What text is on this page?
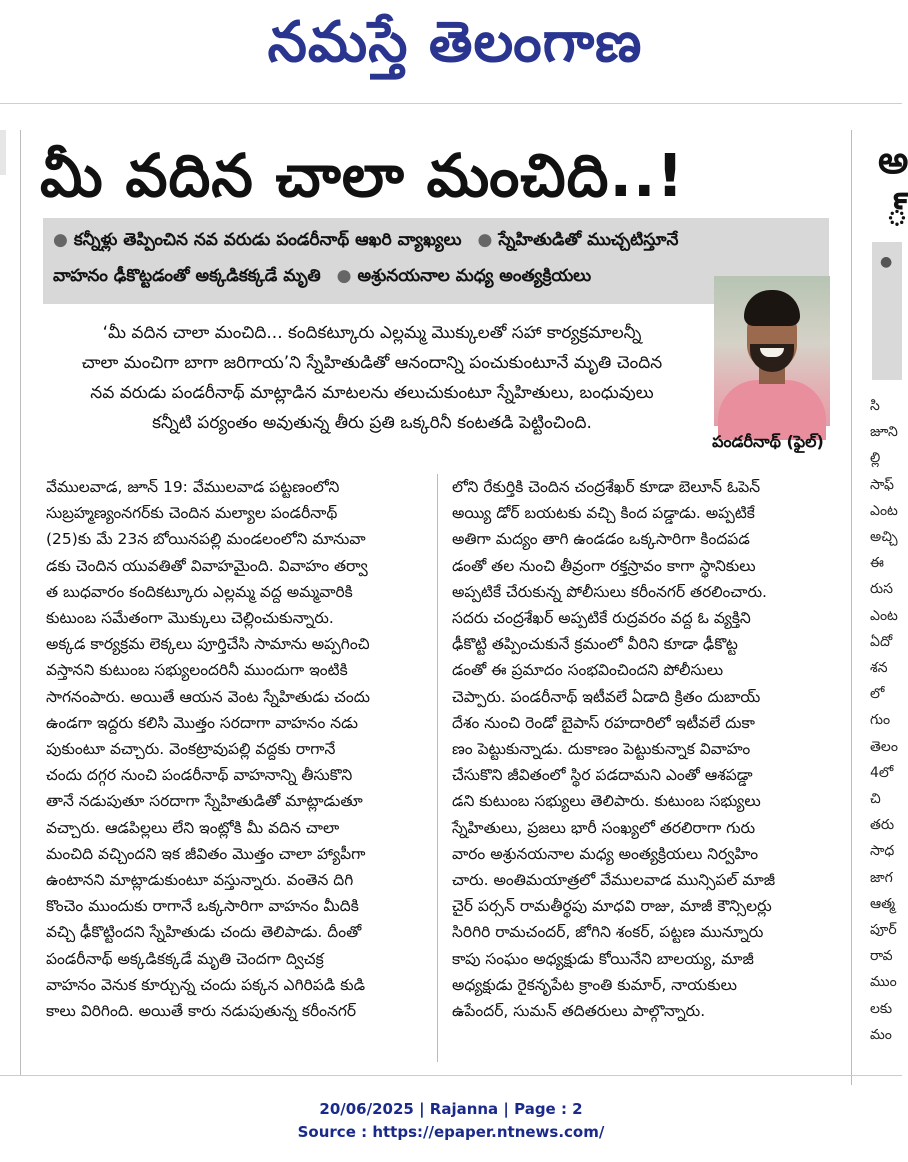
నమస్తే తెలంగాణ
అ
్
●
సి
జూని
ల్లి
సాఫ్
ఎంట
అచ్చి
ఈ
రుస
ఎంట
ఏదో
శన
లో
గుం
తెలం
4లో
చి
తరు
సాధ
జాగ
ఆత్మ
పూర్
రావ
ముం
లకు
మం
మీ వదిన చాలా మంచిది..!
● కన్నీళ్లు తెప్పించిన నవ వరుడు పండరీనాథ్ ఆఖరి వ్యాఖ్యలు ● స్నేహితుడితో ముచ్చటిస్తూనే
వాహనం ఢీకొట్టడంతో అక్కడికక్కడే మృతి ● అశ్రునయనాల మధ్య అంత్యక్రియలు
పండరీనాథ్ (ఫైల్)
‘మీ వదిన చాలా మంచిది... కందికట్కూరు ఎల్లమ్మ మొక్కులతో సహా కార్యక్రమాలన్నీ
చాలా మంచిగా బాగా జరిగాయ’ని స్నేహితుడితో ఆనందాన్ని పంచుకుంటూనే మృతి చెందిన
నవ వరుడు పండరీనాథ్ మాట్లాడిన మాటలను తలుచుకుంటూ స్నేహితులు, బంధువులు
కన్నీటి పర్యంతం అవుతున్న తీరు ప్రతి ఒక్కరినీ కంటతడి పెట్టించింది.
వేములవాడ, జూన్ 19: వేములవాడ పట్టణంలోని
సుబ్రహ్మణ్యంనగర్‌కు చెందిన మల్యాల పండరీనాథ్
(25)కు మే 23న బోయినపల్లి మండలంలోని మానువా
డకు చెందిన యువతితో వివాహమైంది. వివాహం తర్వా
త బుధవారం కందికట్కూరు ఎల్లమ్మ వద్ద అమ్మవారికి
కుటుంబ సమేతంగా మొక్కులు చెల్లించుకున్నారు.
అక్కడ కార్యక్రమ లెక్కలు పూర్తిచేసి సామాను అప్పగించి
వస్తానని కుటుంబ సభ్యులందరినీ ముందుగా ఇంటికి
సాగనంపారు. అయితే ఆయన వెంట స్నేహితుడు చందు
ఉండగా ఇద్దరు కలిసి మొత్తం సరదాగా వాహనం నడు
పుకుంటూ వచ్చారు. వెంకట్రావుపల్లి వద్దకు రాగానే
చందు దగ్గర నుంచి పండరీనాథ్ వాహనాన్ని తీసుకొని
తానే నడుపుతూ సరదాగా స్నేహితుడితో మాట్లాడుతూ
వచ్చారు. ఆడపిల్లలు లేని ఇంట్లోకి మీ వదిన చాలా
మంచిది వచ్చిందని ఇక జీవితం మొత్తం చాలా హ్యాపీగా
ఉంటానని మాట్లాడుకుంటూ వస్తున్నారు. వంతెన దిగి
కొంచెం ముందుకు రాగానే ఒక్కసారిగా వాహనం మీదికి
వచ్చి ఢీకొట్టిందని స్నేహితుడు చందు తెలిపాడు. దీంతో
పండరీనాథ్ అక్కడికక్కడే మృతి చెందగా ద్విచక్ర
వాహనం వెనుక కూర్చున్న చందు పక్కన ఎగిరిపడి కుడి
కాలు విరిగింది. అయితే కారు నడుపుతున్న కరీంనగర్
లోని రేకుర్తికి చెందిన చంద్రశేఖర్ కూడా బెలూన్ ఓపెన్
అయ్యి డోర్ బయటకు వచ్చి కింద పడ్డాడు. అప్పటికే
అతిగా మద్యం తాగి ఉండడం ఒక్కసారిగా కిందపడ
డంతో తల నుంచి తీవ్రంగా రక్తస్రావం కాగా స్థానికులు
అప్పటికే చేరుకున్న పోలీసులు కరీంనగర్ తరలించారు.
సదరు చంద్రశేఖర్ అప్పటికే రుద్రవరం వద్ద ఓ వ్యక్తిని
ఢీకొట్టి తప్పించుకునే క్రమంలో వీరిని కూడా ఢీకొట్ట
డంతో ఈ ప్రమాదం సంభవించిందని పోలీసులు
చెప్పారు. పండరీనాథ్ ఇటీవలే ఏడాది క్రితం దుబాయ్
దేశం నుంచి రెండో బైపాస్ రహదారిలో ఇటీవలే దుకా
ణం పెట్టుకున్నాడు. దుకాణం పెట్టుకున్నాక వివాహం
చేసుకొని జీవితంలో స్థిర పడదామని ఎంతో ఆశపడ్డా
డని కుటుంబ సభ్యులు తెలిపారు. కుటుంబ సభ్యులు
స్నేహితులు, ప్రజలు భారీ సంఖ్యలో తరలిరాగా గురు
వారం అశ్రునయనాల మధ్య అంత్యక్రియలు నిర్వహిం
చారు. అంతిమయాత్రలో వేములవాడ మున్సిపల్ మాజీ
చైర్ పర్సన్ రామతీర్థపు మాధవి రాజు, మాజీ కౌన్సిలర్లు
సిరిగిరి రామచందర్, జోగిని శంకర్, పట్టణ మున్నూరు
కాపు సంఘం అధ్యక్షుడు కోయినేని బాలయ్య, మాజీ
అధ్యక్షుడు రైకనృపేట క్రాంతి కుమార్, నాయకులు
ఉపేందర్, సుమన్ తదితరులు పాల్గొన్నారు.
20/06/2025 | Rajanna | Page : 2
Source : https://epaper.ntnews.com/
